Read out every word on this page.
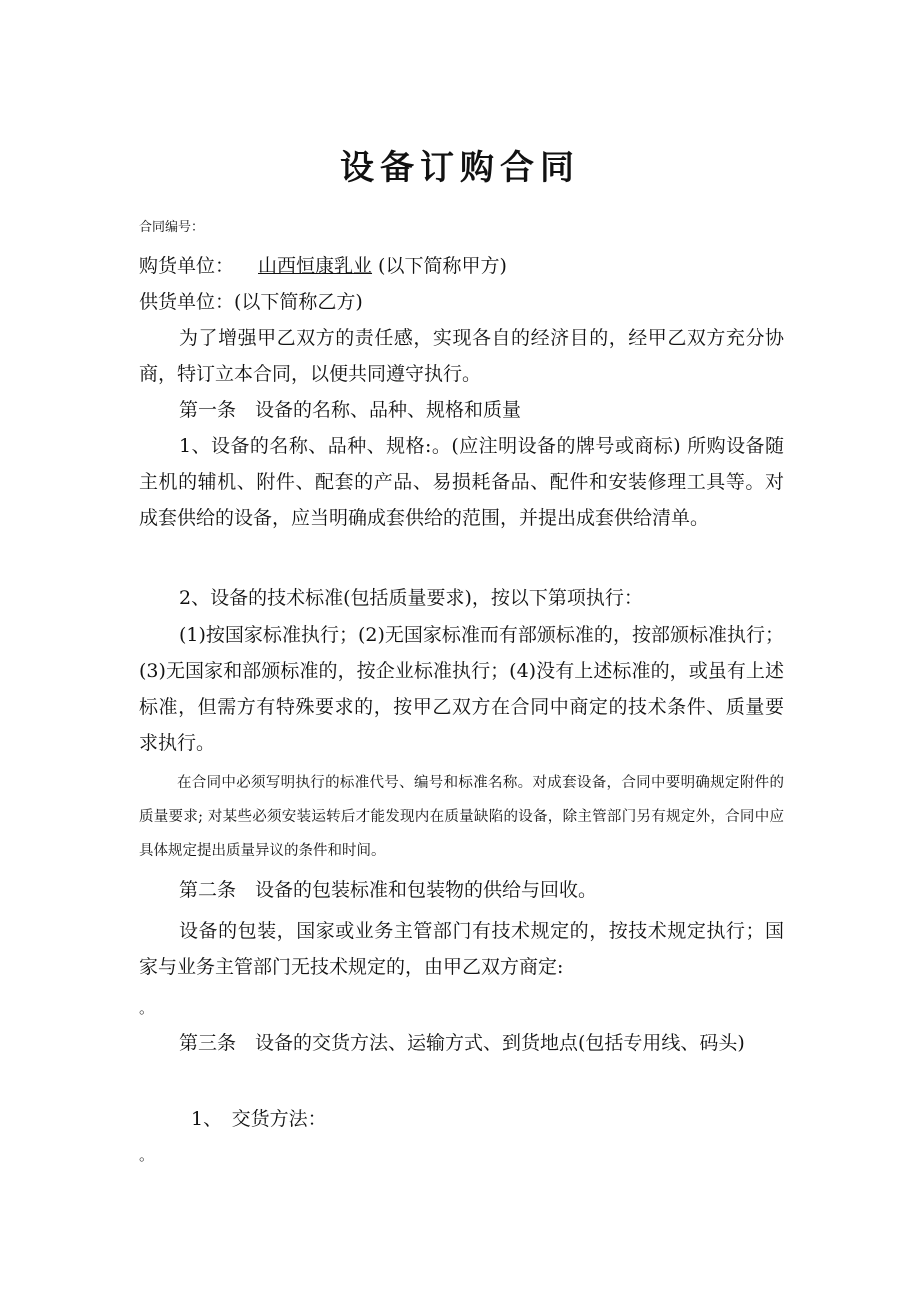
设备订购合同
合同编号：
购货单位： 山西恒康乳业 (以下简称甲方)
供货单位：(以下简称乙方)

为了增强甲乙双方的责任感，实现各自的经济目的，经甲乙双方充分协商，特订立本合同，以便共同遵守执行。

第一条　设备的名称、品种、规格和质量

1、设备的名称、品种、规格:。(应注明设备的牌号或商标) 所购设备随主机的辅机、附件、配套的产品、易损耗备品、配件和安装修理工具等。对成套供给的设备，应当明确成套供给的范围，并提出成套供给清单。

2、设备的技术标准(包括质量要求)，按以下第项执行：

(1)按国家标准执行；(2)无国家标准而有部颁标准的，按部颁标准执行；(3)无国家和部颁标准的，按企业标准执行；(4)没有上述标准的，或虽有上述标准，但需方有特殊要求的，按甲乙双方在合同中商定的技术条件、质量要求执行。

在合同中必须写明执行的标准代号、编号和标准名称。对成套设备，合同中要明确规定附件的质量要求; 对某些必须安装运转后才能发现内在质量缺陷的设备，除主管部门另有规定外，合同中应具体规定提出质量异议的条件和时间。

第二条　设备的包装标准和包装物的供给与回收。

设备的包装，国家或业务主管部门有技术规定的，按技术规定执行；国家与业务主管部门无技术规定的，由甲乙双方商定:

。

第三条　设备的交货方法、运输方式、到货地点(包括专用线、码头)

1、　交货方法：

。
